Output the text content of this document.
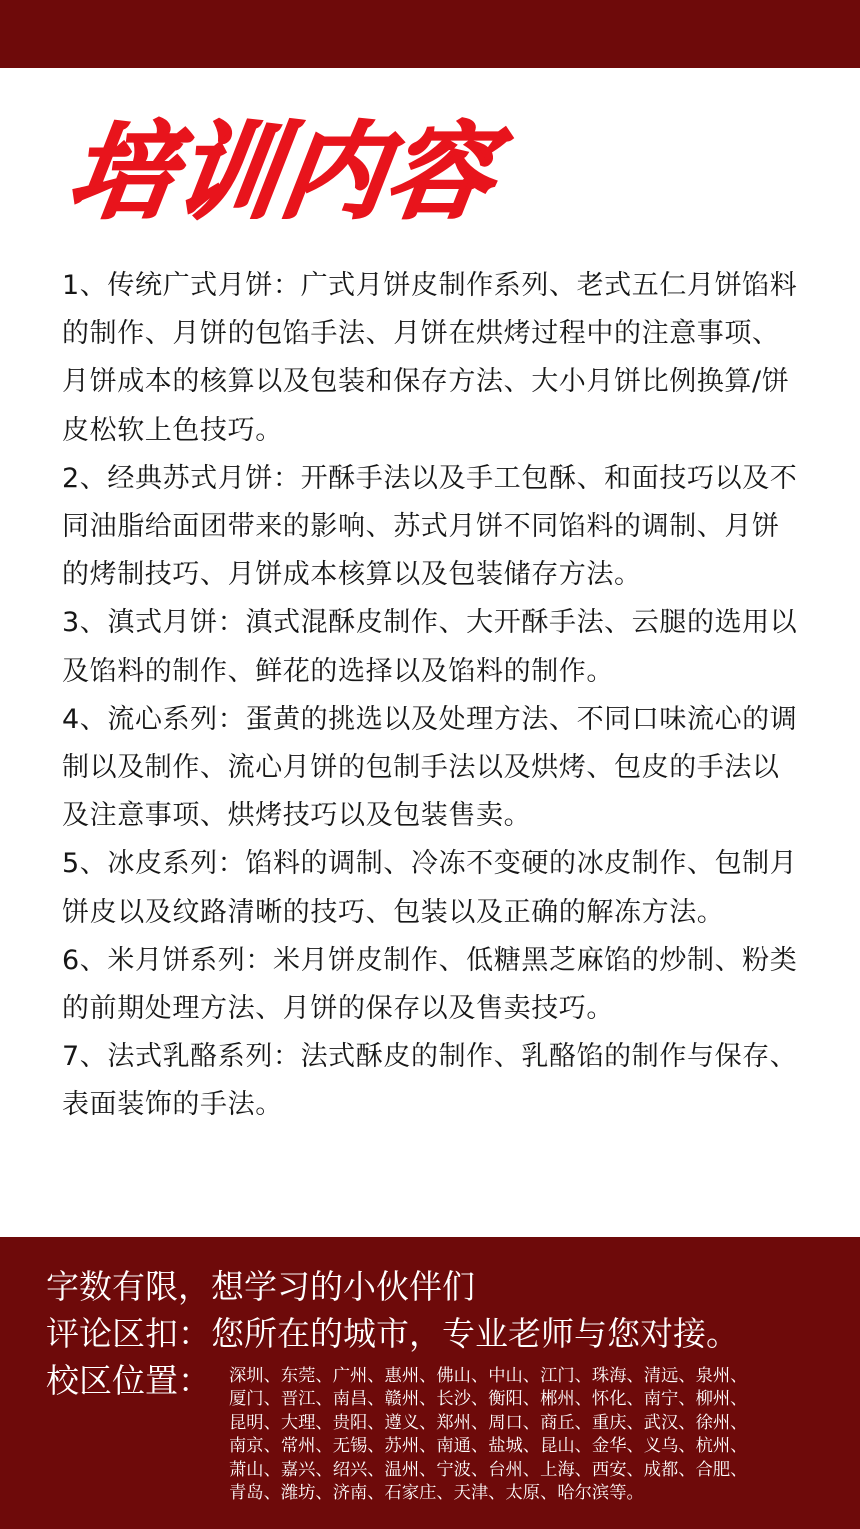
培训内容

1、传统广式月饼：广式月饼皮制作系列、老式五仁月饼馅料的制作、月饼的包馅手法、月饼在烘烤过程中的注意事项、月饼成本的核算以及包装和保存方法、大小月饼比例换算/饼皮松软上色技巧。

2、经典苏式月饼：开酥手法以及手工包酥、和面技巧以及不同油脂给面团带来的影响、苏式月饼不同馅料的调制、月饼的烤制技巧、月饼成本核算以及包装储存方法。

3、滇式月饼：滇式混酥皮制作、大开酥手法、云腿的选用以及馅料的制作、鲜花的选择以及馅料的制作。

4、流心系列：蛋黄的挑选以及处理方法、不同口味流心的调制以及制作、流心月饼的包制手法以及烘烤、包皮的手法以及注意事项、烘烤技巧以及包装售卖。

5、冰皮系列：馅料的调制、冷冻不变硬的冰皮制作、包制月饼皮以及纹路清晰的技巧、包装以及正确的解冻方法。

6、米月饼系列：米月饼皮制作、低糖黑芝麻馅的炒制、粉类的前期处理方法、月饼的保存以及售卖技巧。

7、法式乳酪系列：法式酥皮的制作、乳酪馅的制作与保存、表面装饰的手法。

字数有限，想学习的小伙伴们
评论区扣：您所在的城市，专业老师与您对接。
校区位置： 深圳、东莞、广州、惠州、佛山、中山、江门、珠海、清远、泉州、
厦门、晋江、南昌、赣州、长沙、衡阳、郴州、怀化、南宁、柳州、
昆明、大理、贵阳、遵义、郑州、周口、商丘、重庆、武汉、徐州、
南京、常州、无锡、苏州、南通、盐城、昆山、金华、义乌、杭州、
萧山、嘉兴、绍兴、温州、宁波、台州、上海、西安、成都、合肥、
青岛、潍坊、济南、石家庄、天津、太原、哈尔滨等。
